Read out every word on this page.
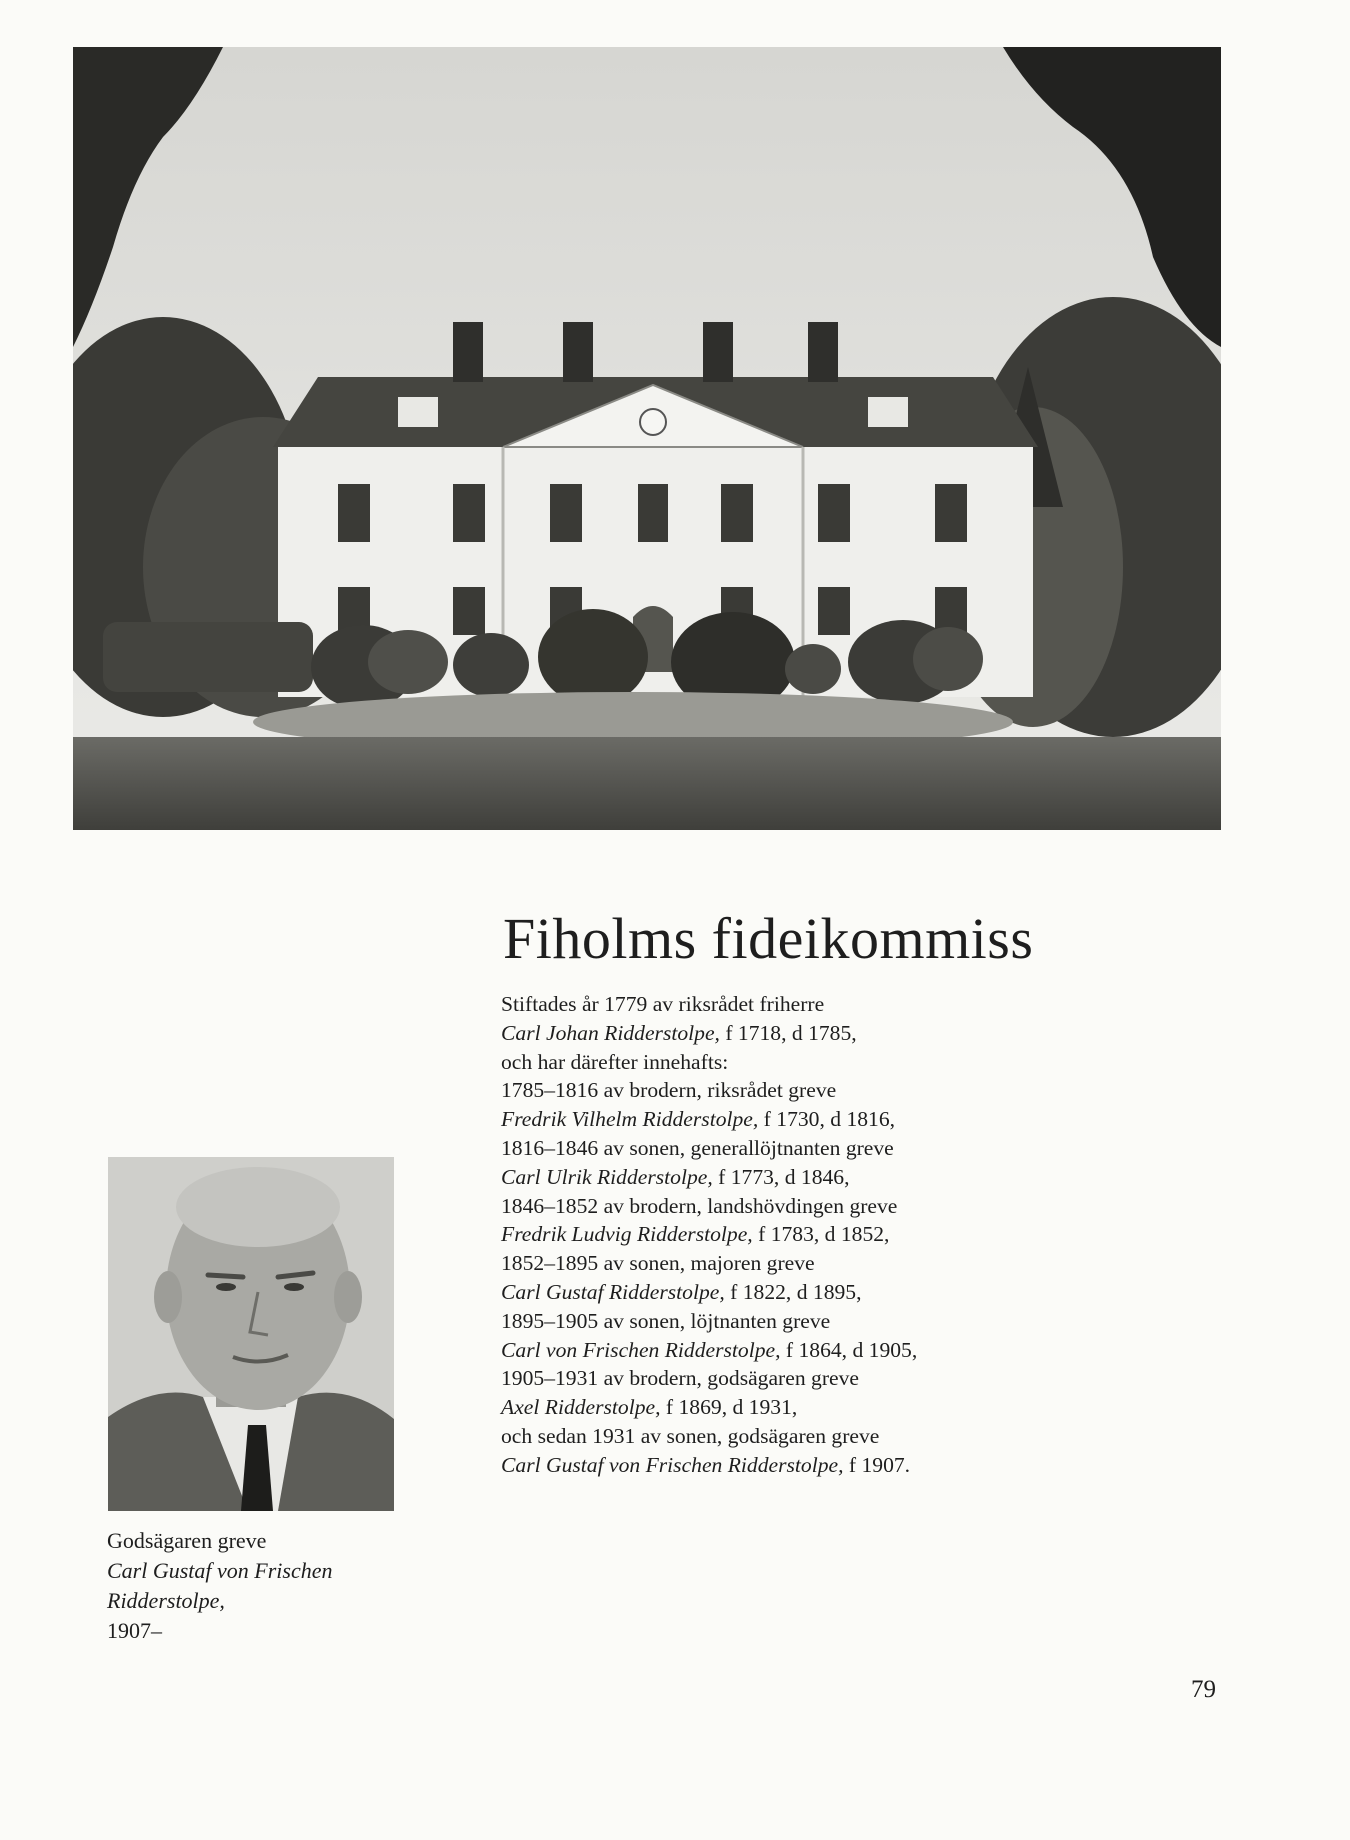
Fiholms fideikommiss
Stiftades år 1779 av riksrådet friherre
Carl Johan Ridderstolpe, f 1718, d 1785,
och har därefter innehafts:
1785–1816 av brodern, riksrådet greve
Fredrik Vilhelm Ridderstolpe, f 1730, d 1816,
1816–1846 av sonen, generallöjtnanten greve
Carl Ulrik Ridderstolpe, f 1773, d 1846,
1846–1852 av brodern, landshövdingen greve
Fredrik Ludvig Ridderstolpe, f 1783, d 1852,
1852–1895 av sonen, majoren greve
Carl Gustaf Ridderstolpe, f 1822, d 1895,
1895–1905 av sonen, löjtnanten greve
Carl von Frischen Ridderstolpe, f 1864, d 1905,
1905–1931 av brodern, godsägaren greve
Axel Ridderstolpe, f 1869, d 1931,
och sedan 1931 av sonen, godsägaren greve
Carl Gustaf von Frischen Ridderstolpe, f 1907.
Godsägaren greve
Carl Gustaf von Frischen
Ridderstolpe,
1907–
79
